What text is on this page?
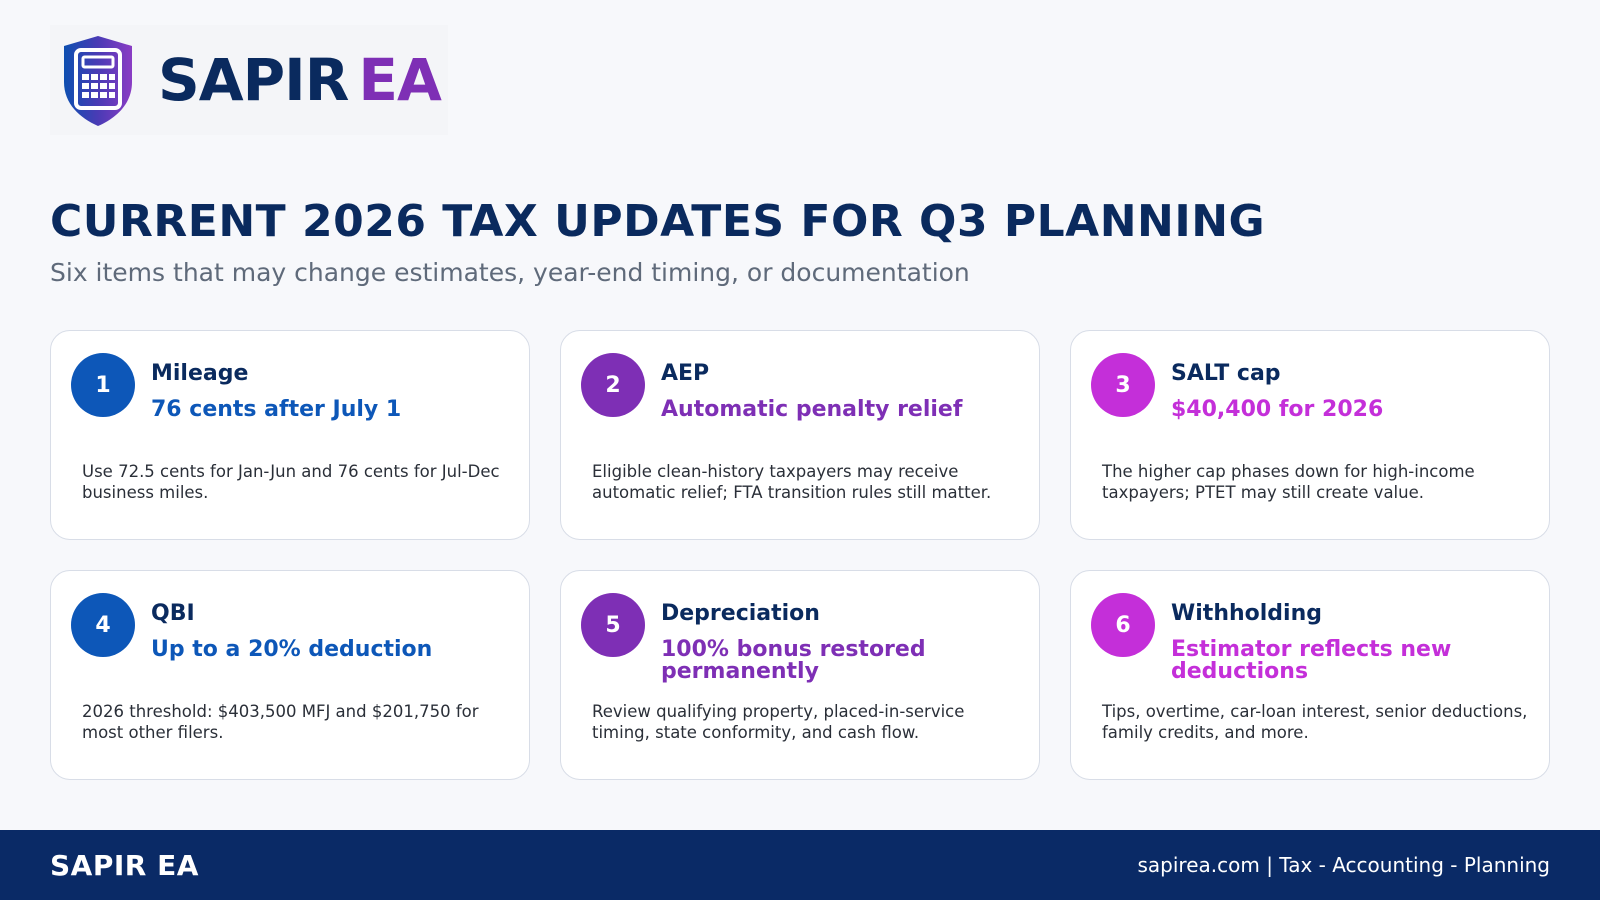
SAPIR EA
CURRENT 2026 TAX UPDATES FOR Q3 PLANNING
Six items that may change estimates, year-end timing, or documentation
1	Mileage
76 cents after July 1
Use 72.5 cents for Jan-Jun and 76 cents for Jul-Dec business miles.
2	AEP
Automatic penalty relief
Eligible clean-history taxpayers may receive automatic relief; FTA transition rules still matter.
3	SALT cap
$40,400 for 2026
The higher cap phases down for high-income taxpayers; PTET may still create value.
4	QBI
Up to a 20% deduction
2026 threshold: $403,500 MFJ and $201,750 for most other filers.
5	Depreciation
100% bonus restored permanently
Review qualifying property, placed-in-service timing, state conformity, and cash flow.
6	Withholding
Estimator reflects new deductions
Tips, overtime, car-loan interest, senior deductions, family credits, and more.
SAPIR EA	sapirea.com | Tax - Accounting - Planning
